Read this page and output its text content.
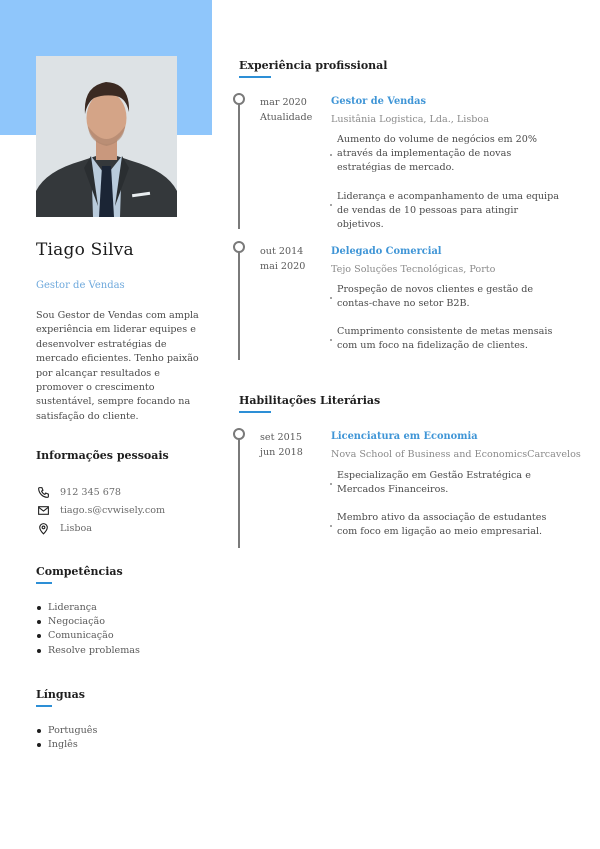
Tiago Silva
Gestor de Vendas
Sou Gestor de Vendas com ampla experiência em liderar equipes e desenvolver estratégias de mercado eficientes. Tenho paixão por alcançar resultados e promover o crescimento sustentável, sempre focando na satisfação do cliente.
Informações pessoais
912 345 678
tiago.s@cvwisely.com
Lisboa
Competências
Liderança
Negociação
Comunicação
Resolve problemas
Línguas
Português
Inglês
Experiência profissional
mar 2020
Atualidade
Gestor de Vendas
Lusitânia Logistica, Lda., Lisboa
Aumento do volume de negócios em 20% através da implementação de novas estratégias de mercado.
Liderança e acompanhamento de uma equipa de vendas de 10 pessoas para atingir objetivos.
out 2014
mai 2020
Delegado Comercial
Tejo Soluções Tecnológicas, Porto
Prospeção de novos clientes e gestão de contas-chave no setor B2B.
Cumprimento consistente de metas mensais com um foco na fidelização de clientes.
Habilitações Literárias
set 2015
jun 2018
Licenciatura em Economia
Nova School of Business and EconomicsCarcavelos
Especialização em Gestão Estratégica e Mercados Financeiros.
Membro ativo da associação de estudantes com foco em ligação ao meio empresarial.
